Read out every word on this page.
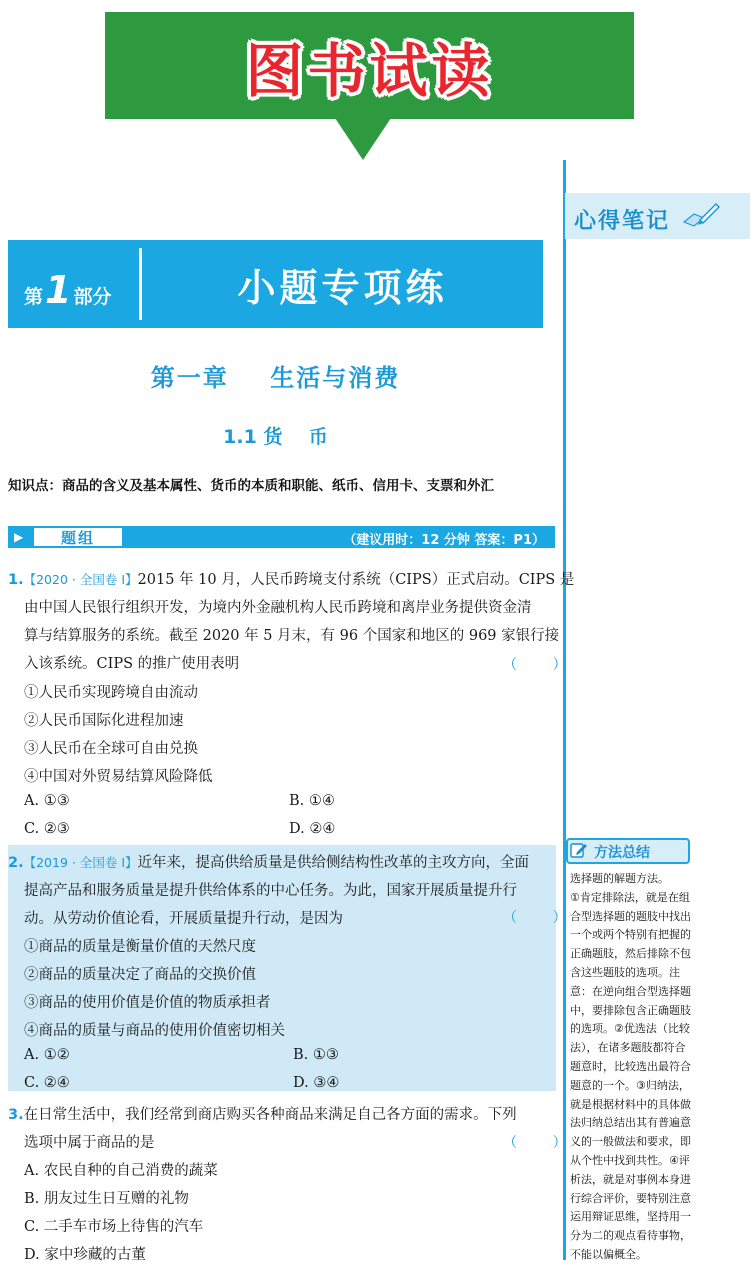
图书试读
心得笔记
第 1 部分	小题专项练
第一章    生活与消费
1.1 货    币
知识点：商品的含义及基本属性、货币的本质和职能、纸币、信用卡、支票和外汇
▶	题组	（建议用时：12 分钟 答案：P1）
1.【2020 · 全国卷 Ⅰ】2015 年 10 月，人民币跨境支付系统（CIPS）正式启动。CIPS 是
由中国人民银行组织开发，为境内外金融机构人民币跨境和离岸业务提供资金清
算与结算服务的系统。截至 2020 年 5 月末，有 96 个国家和地区的 969 家银行接
入该系统。CIPS 的推广使用表明
①人民币实现跨境自由流动
②人民币国际化进程加速
③人民币在全球可自由兑换
④中国对外贸易结算风险降低
A. ①③	B. ①④
C. ②③	D. ②④
（        ）
2.【2019 · 全国卷 Ⅰ】近年来，提高供给质量是供给侧结构性改革的主攻方向，全面
提高产品和服务质量是提升供给体系的中心任务。为此，国家开展质量提升行
动。从劳动价值论看，开展质量提升行动，是因为
①商品的质量是衡量价值的天然尺度
②商品的质量决定了商品的交换价值
③商品的使用价值是价值的物质承担者
④商品的质量与商品的使用价值密切相关
A. ①②	B. ①③
C. ②④	D. ③④
（        ）
3.在日常生活中，我们经常到商店购买各种商品来满足自己各方面的需求。下列
选项中属于商品的是
A. 农民自种的自己消费的蔬菜
B. 朋友过生日互赠的礼物
C. 二手车市场上待售的汽车
D. 家中珍藏的古董
（        ）
方法总结
选择题的解题方法。
①肯定排除法，就是在组
合型选择题的题肢中找出
一个或两个特别有把握的
正确题肢，然后排除不包
含这些题肢的选项。注
意：在逆向组合型选择题
中，要排除包含正确题肢
的选项。②优选法（比较
法），在诸多题肢都符合
题意时，比较选出最符合
题意的一个。③归纳法，
就是根据材料中的具体做
法归纳总结出其有普遍意
义的一般做法和要求，即
从个性中找到共性。④评
析法，就是对事例本身进
行综合评价，要特别注意
运用辩证思维，坚持用一
分为二的观点看待事物，
不能以偏概全。
